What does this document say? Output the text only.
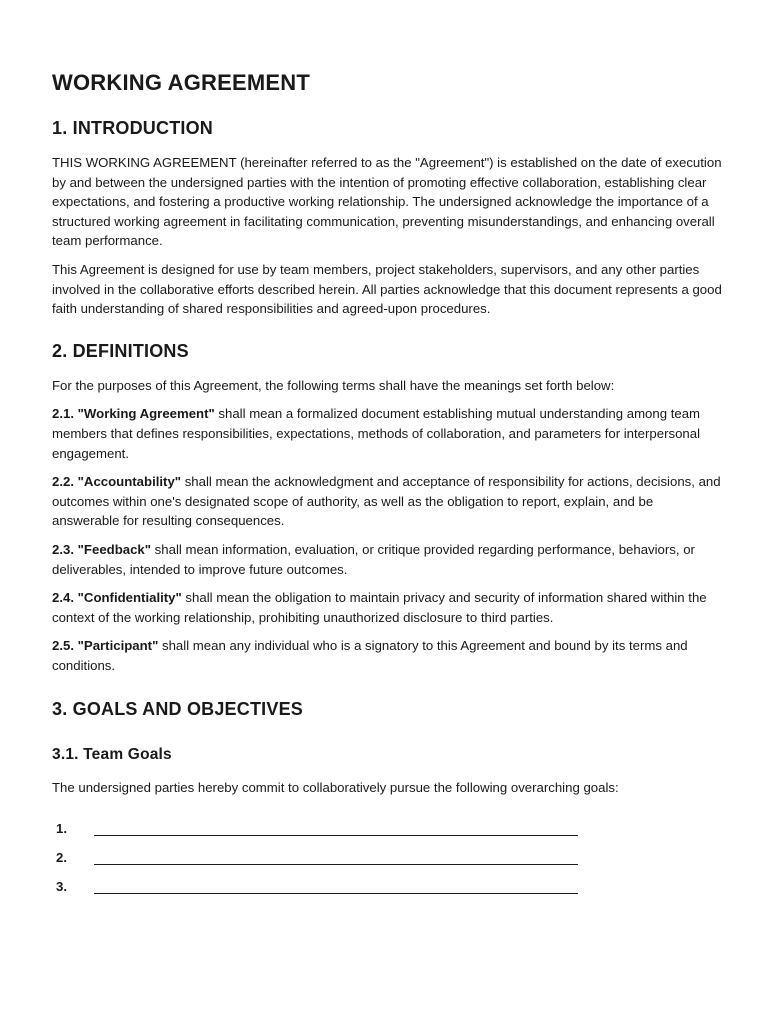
WORKING AGREEMENT
1. INTRODUCTION

THIS WORKING AGREEMENT (hereinafter referred to as the "Agreement") is established on the date of execution by and between the undersigned parties with the intention of promoting effective collaboration, establishing clear expectations, and fostering a productive working relationship. The undersigned acknowledge the importance of a structured working agreement in facilitating communication, preventing misunderstandings, and enhancing overall team performance.

This Agreement is designed for use by team members, project stakeholders, supervisors, and any other parties involved in the collaborative efforts described herein. All parties acknowledge that this document represents a good faith understanding of shared responsibilities and agreed-upon procedures.

2. DEFINITIONS

For the purposes of this Agreement, the following terms shall have the meanings set forth below:

2.1. "Working Agreement" shall mean a formalized document establishing mutual understanding among team members that defines responsibilities, expectations, methods of collaboration, and parameters for interpersonal engagement.

2.2. "Accountability" shall mean the acknowledgment and acceptance of responsibility for actions, decisions, and outcomes within one's designated scope of authority, as well as the obligation to report, explain, and be answerable for resulting consequences.

2.3. "Feedback" shall mean information, evaluation, or critique provided regarding performance, behaviors, or deliverables, intended to improve future outcomes.

2.4. "Confidentiality" shall mean the obligation to maintain privacy and security of information shared within the context of the working relationship, prohibiting unauthorized disclosure to third parties.

2.5. "Participant" shall mean any individual who is a signatory to this Agreement and bound by its terms and conditions.

3. GOALS AND OBJECTIVES
3.1. Team Goals

The undersigned parties hereby commit to collaboratively pursue the following overarching goals:

1.
2.
3.
